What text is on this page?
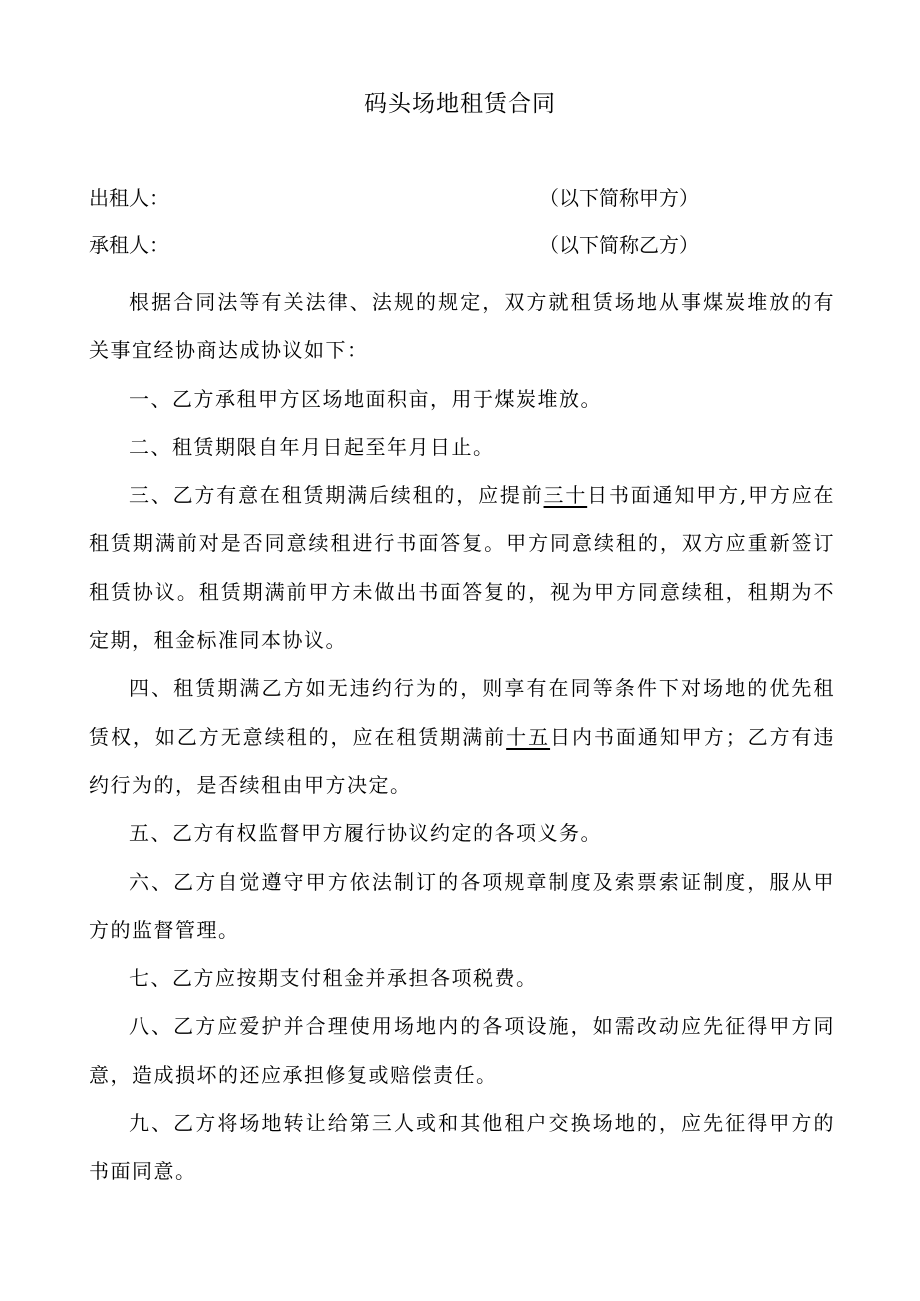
码头场地租赁合同
出租人：	（以下简称甲方）
承租人：	（以下简称乙方）

根据合同法等有关法律、法规的规定，双方就租赁场地从事煤炭堆放的有关事宜经协商达成协议如下：

一、乙方承租甲方区场地面积亩，用于煤炭堆放。

二、租赁期限自年月日起至年月日止。

三、乙方有意在租赁期满后续租的，应提前三十日书面通知甲方,甲方应在租赁期满前对是否同意续租进行书面答复。甲方同意续租的，双方应重新签订租赁协议。租赁期满前甲方未做出书面答复的，视为甲方同意续租，租期为不定期，租金标准同本协议。

四、租赁期满乙方如无违约行为的，则享有在同等条件下对场地的优先租赁权，如乙方无意续租的，应在租赁期满前十五日内书面通知甲方；乙方有违约行为的，是否续租由甲方决定。

五、乙方有权监督甲方履行协议约定的各项义务。

六、乙方自觉遵守甲方依法制订的各项规章制度及索票索证制度，服从甲方的监督管理。

七、乙方应按期支付租金并承担各项税费。

八、乙方应爱护并合理使用场地内的各项设施，如需改动应先征得甲方同意，造成损坏的还应承担修复或赔偿责任。

九、乙方将场地转让给第三人或和其他租户交换场地的，应先征得甲方的书面同意。
